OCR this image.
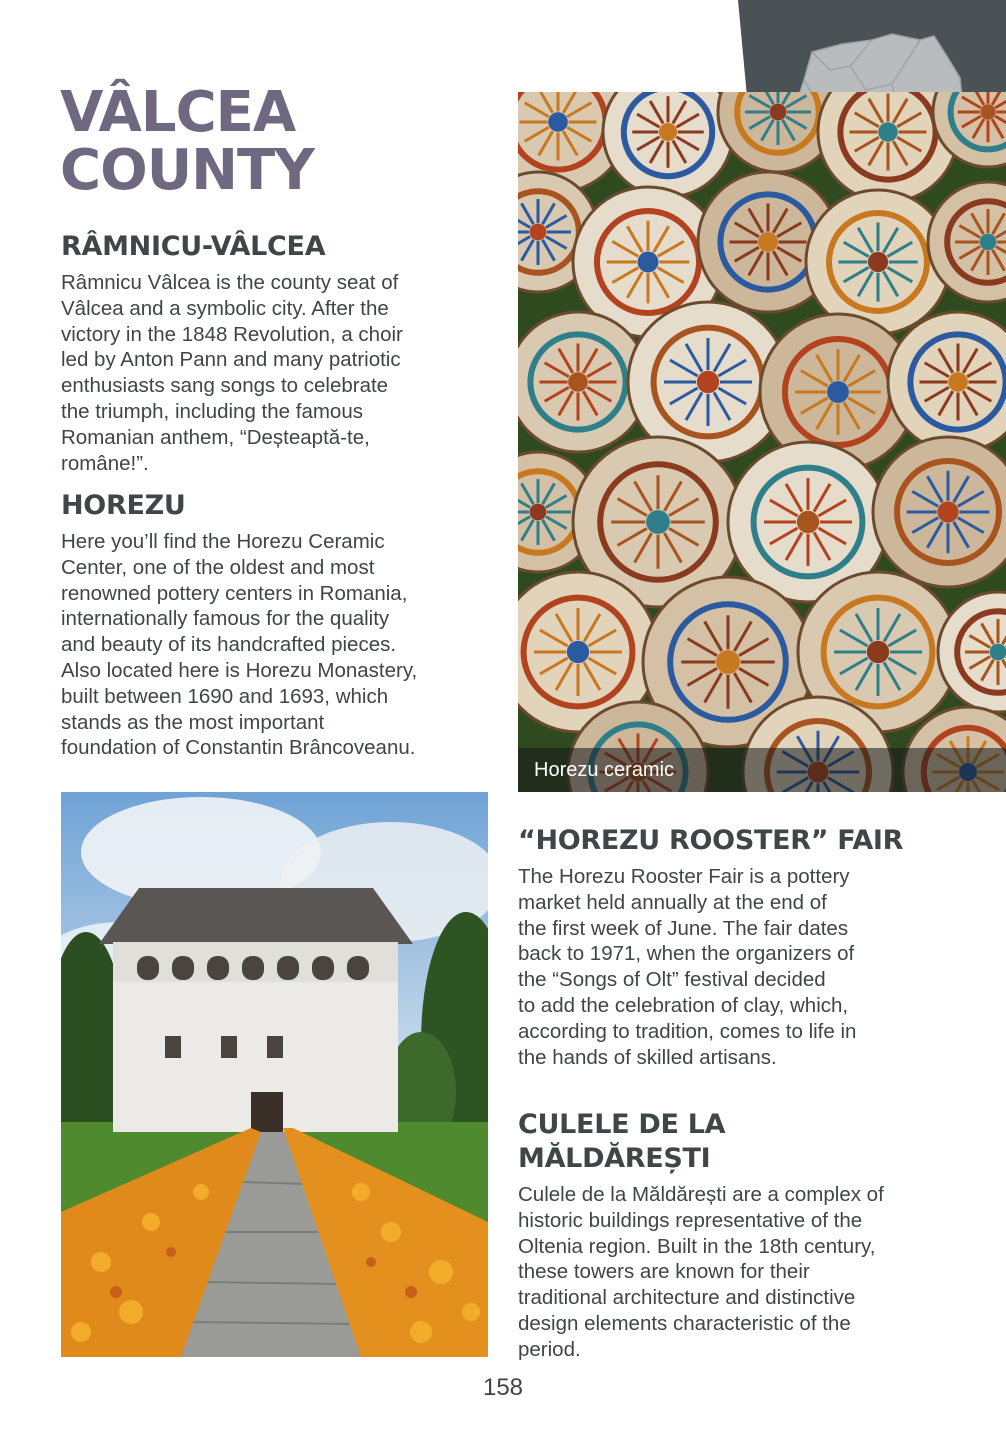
VÂLCEA
COUNTY
RÂMNICU-VÂLCEA

Râmnicu Vâlcea is the county seat of
Vâlcea and a symbolic city. After the
victory in the 1848 Revolution, a choir
led by Anton Pann and many patriotic
enthusiasts sang songs to celebrate
the triumph, including the famous
Romanian anthem, “Deșteaptă-te,
române!”.

HOREZU

Here you’ll find the Horezu Ceramic
Center, one of the oldest and most
renowned pottery centers in Romania,
internationally famous for the quality
and beauty of its handcrafted pieces.
Also located here is Horezu Monastery,
built between 1690 and 1693, which
stands as the most important
foundation of Constantin Brâncoveanu.

Horezu ceramic
“HOREZU ROOSTER” FAIR

The Horezu Rooster Fair is a pottery
market held annually at the end of
the first week of June. The fair dates
back to 1971, when the organizers of
the “Songs of Olt” festival decided
to add the celebration of clay, which,
according to tradition, comes to life in
the hands of skilled artisans.

CULELE DE LA
MĂLDĂREȘTI

Culele de la Măldărești are a complex of
historic buildings representative of the
Oltenia region. Built in the 18th century,
these towers are known for their
traditional architecture and distinctive
design elements characteristic of the
period.

158
